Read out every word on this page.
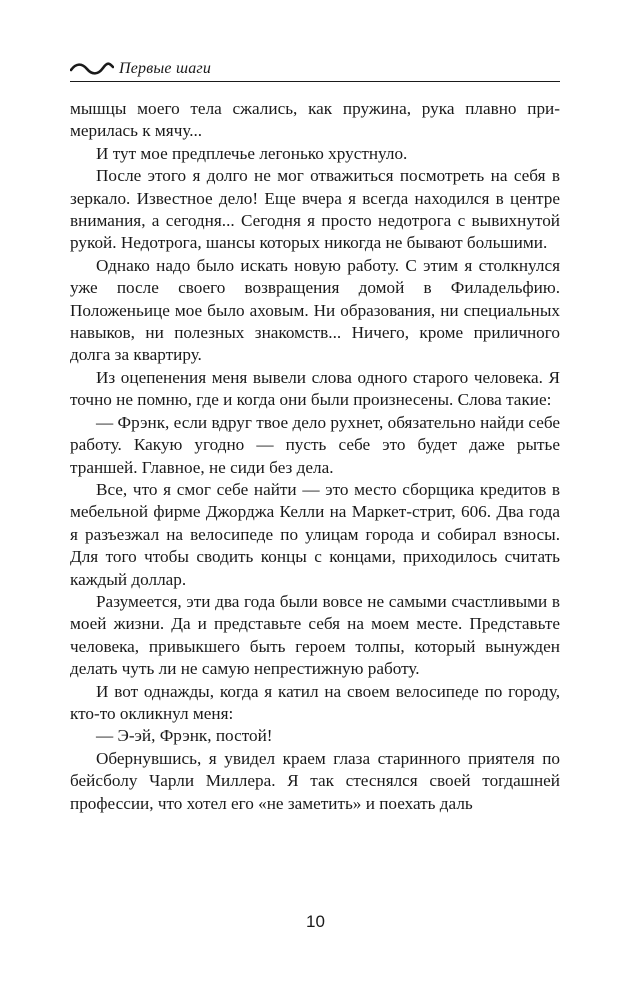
Первые шаги

мышцы моего тела сжались, как пружина, рука плавно примерилась к мячу...

И тут мое предплечье легонько хрустнуло.

После этого я долго не мог отважиться посмотреть на себя в зеркало. Известное дело! Еще вчера я всегда находился в центре внимания, а сегодня... Сегодня я просто недотрога с вывихнутой рукой. Недотрога, шансы которых никогда не бывают большими.

Однако надо было искать новую работу. С этим я столкнулся уже после своего возвращения домой в Филадельфию. Положеньице мое было аховым. Ни образования, ни специальных навыков, ни полезных знакомств... Ничего, кроме приличного долга за квартиру.

Из оцепенения меня вывели слова одного старого человека. Я точно не помню, где и когда они были произнесены. Слова такие:

— Фрэнк, если вдруг твое дело рухнет, обязательно найди себе работу. Какую угодно — пусть себе это будет даже рытье траншей. Главное, не сиди без дела.

Все, что я смог себе найти — это место сборщика кредитов в мебельной фирме Джорджа Келли на Маркет-стрит, 606. Два года я разъезжал на велосипеде по улицам города и собирал взносы. Для того чтобы сводить концы с концами, приходилось считать каждый доллар.

Разумеется, эти два года были вовсе не самыми счастливыми в моей жизни. Да и представьте себя на моем месте. Представьте человека, привыкшего быть героем толпы, который вынужден делать чуть ли не самую непрестижную работу.

И вот однажды, когда я катил на своем велосипеде по городу, кто-то окликнул меня:

— Э-эй, Фрэнк, постой!

Обернувшись, я увидел краем глаза старинного приятеля по бейсболу Чарли Миллера. Я так стеснялся своей тогдашней профессии, что хотел его «не заметить» и поехать даль

10
